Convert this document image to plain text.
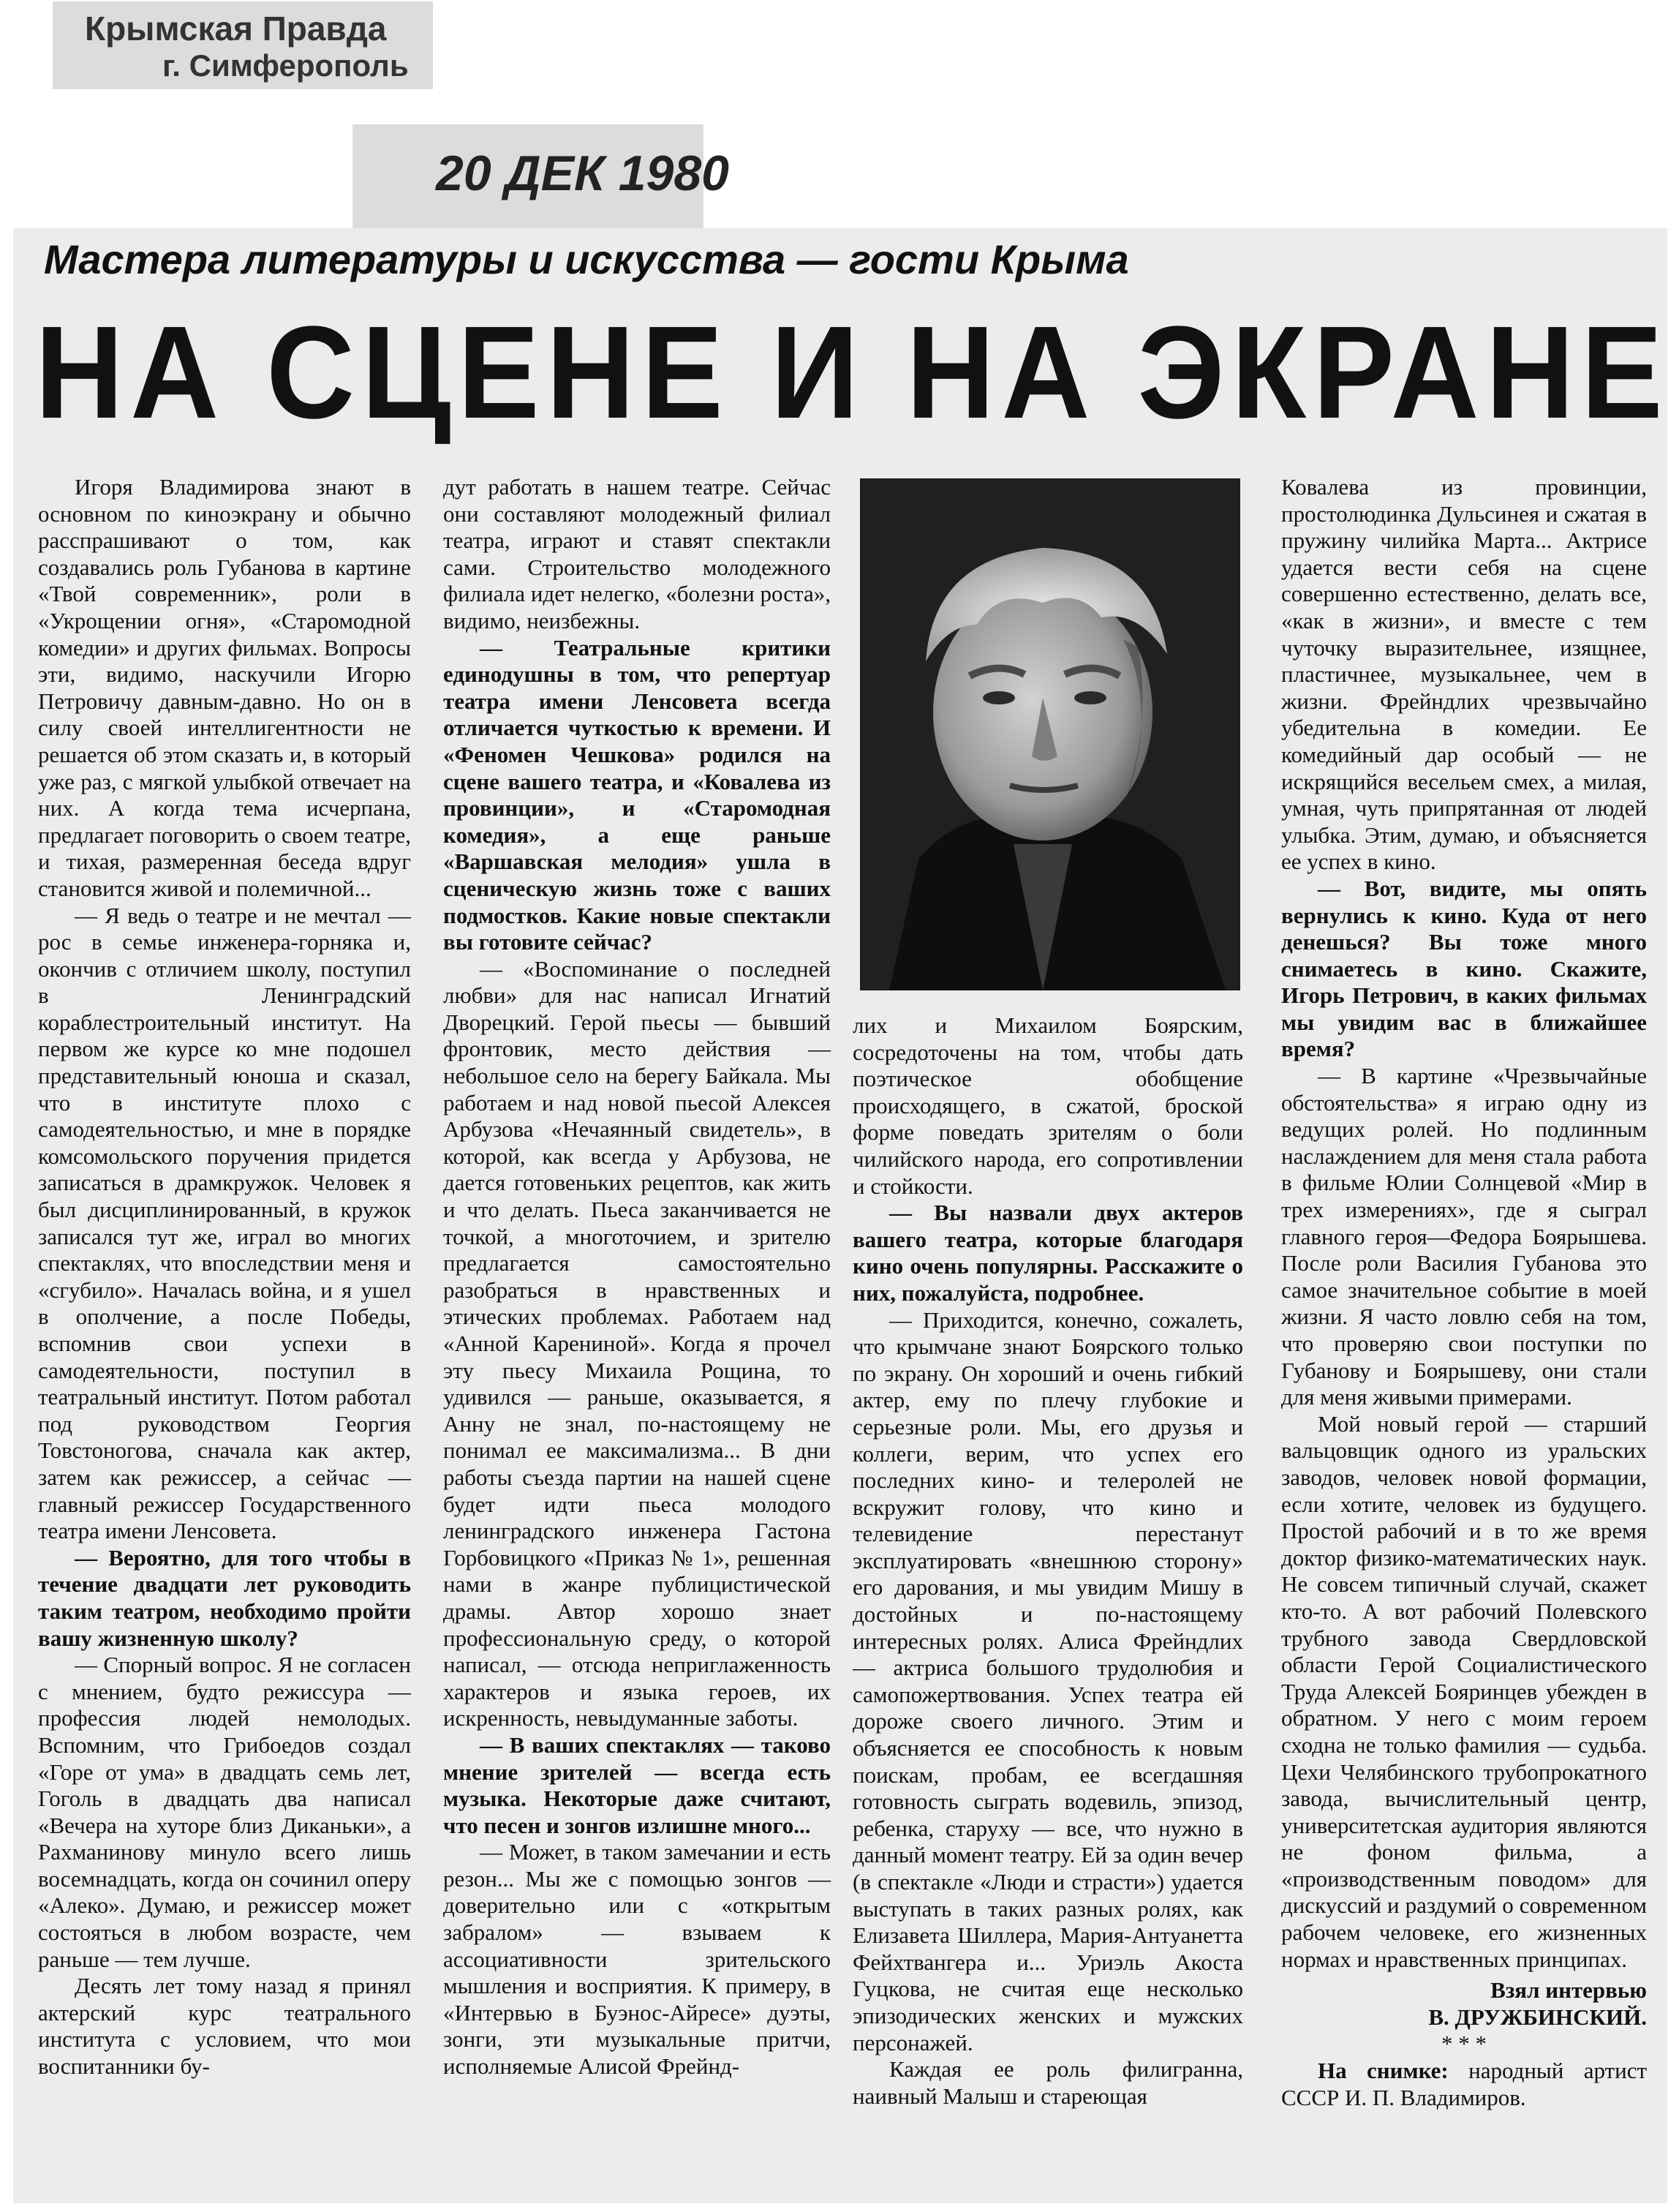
Крымская Правда
г. Симферополь
20 ДЕК 1980
Мастера литературы и искусства — гости Крыма
НА СЦЕНЕ И НА ЭКРАНЕ

Игоря Владимирова знают в основном по киноэкрану и обычно расспрашивают о том, как создавались роль Губанова в картине «Твой современник», роли в «Укрощении огня», «Старомодной комедии» и других фильмах. Вопросы эти, видимо, наскучили Игорю Петровичу давным-давно. Но он в силу своей интеллигентности не решается об этом сказать и, в который уже раз, с мягкой улыбкой отвечает на них. А когда тема исчерпана, предлагает поговорить о своем театре, и тихая, размеренная беседа вдруг становится живой и полемичной...

— Я ведь о театре и не мечтал — рос в семье инженера-горняка и, окончив с отличием школу, поступил в Ленинградский кораблестроительный институт. На первом же курсе ко мне подошел представительный юноша и сказал, что в институте плохо с самодеятельностью, и мне в порядке комсомольского поручения придется записаться в драмкружок. Человек я был дисциплинированный, в кружок записался тут же, играл во многих спектаклях, что впоследствии меня и «сгубило». Началась война, и я ушел в ополчение, а после Победы, вспомнив свои успехи в самодеятельности, поступил в театральный институт. Потом работал под руководством Георгия Товстоногова, сначала как актер, затем как режиссер, а сейчас — главный режиссер Государственного театра имени Ленсовета.

— Вероятно, для того чтобы в течение двадцати лет руководить таким театром, необходимо пройти вашу жизненную школу?

— Спорный вопрос. Я не согласен с мнением, будто режиссура — профессия людей немолодых. Вспомним, что Грибоедов создал «Горе от ума» в двадцать семь лет, Гоголь в двадцать два написал «Вечера на хуторе близ Диканьки», а Рахманинову минуло всего лишь восемнадцать, когда он сочинил оперу «Алеко». Думаю, и режиссер может состояться в любом возрасте, чем раньше — тем лучше.

Десять лет тому назад я принял актерский курс театрального института с условием, что мои воспитанники бу-

дут работать в нашем театре. Сейчас они составляют молодежный филиал театра, играют и ставят спектакли сами. Строительство молодежного филиала идет нелегко, «болезни роста», видимо, неизбежны.

— Театральные критики единодушны в том, что репертуар театра имени Ленсовета всегда отличается чуткостью к времени. И «Феномен Чешкова» родился на сцене вашего театра, и «Ковалева из провинции», и «Старомодная комедия», а еще раньше «Варшавская мелодия» ушла в сценическую жизнь тоже с ваших подмостков. Какие новые спектакли вы готовите сейчас?

— «Воспоминание о последней любви» для нас написал Игнатий Дворецкий. Герой пьесы — бывший фронтовик, место действия — небольшое село на берегу Байкала. Мы работаем и над новой пьесой Алексея Арбузова «Нечаянный свидетель», в которой, как всегда у Арбузова, не дается готовеньких рецептов, как жить и что делать. Пьеса заканчивается не точкой, а многоточием, и зрителю предлагается самостоятельно разобраться в нравственных и этических проблемах. Работаем над «Анной Карениной». Когда я прочел эту пьесу Михаила Рощина, то удивился — раньше, оказывается, я Анну не знал, по-настоящему не понимал ее максимализма... В дни работы съезда партии на нашей сцене будет идти пьеса молодого ленинградского инженера Гастона Горбовицкого «Приказ № 1», решенная нами в жанре публицистической драмы. Автор хорошо знает профессиональную среду, о которой написал, — отсюда неприглаженность характеров и языка героев, их искренность, невыдуманные заботы.

— В ваших спектаклях — таково мнение зрителей — всегда есть музыка. Некоторые даже считают, что песен и зонгов излишне много...

— Может, в таком замечании и есть резон... Мы же с помощью зонгов — доверительно или с «открытым забралом» — взываем к ассоциативности зрительского мышления и восприятия. К примеру, в «Интервью в Буэнос-Айресе» дуэты, зонги, эти музыкальные притчи, исполняемые Алисой Фрейнд-

лих и Михаилом Боярским, сосредоточены на том, чтобы дать поэтическое обобщение происходящего, в сжатой, броской форме поведать зрителям о боли чилийского народа, его сопротивлении и стойкости.

— Вы назвали двух актеров вашего театра, которые благодаря кино очень популярны. Расскажите о них, пожалуйста, подробнее.

— Приходится, конечно, сожалеть, что крымчане знают Боярского только по экрану. Он хороший и очень гибкий актер, ему по плечу глубокие и серьезные роли. Мы, его друзья и коллеги, верим, что успех его последних кино- и телеролей не вскружит голову, что кино и телевидение перестанут эксплуатировать «внешнюю сторону» его дарования, и мы увидим Мишу в достойных и по-настоящему интересных ролях. Алиса Фрейндлих — актриса большого трудолюбия и самопожертвования. Успех театра ей дороже своего личного. Этим и объясняется ее способность к новым поискам, пробам, ее всегдашняя готовность сыграть водевиль, эпизод, ребенка, старуху — все, что нужно в данный момент театру. Ей за один вечер (в спектакле «Люди и страсти») удается выступать в таких разных ролях, как Елизавета Шиллера, Мария-Антуанетта Фейхтвангера и... Уриэль Акоста Гуцкова, не считая еще несколько эпизодических женских и мужских персонажей.

Каждая ее роль филигранна, наивный Малыш и стареющая

Ковалева из провинции, простолюдинка Дульсинея и сжатая в пружину чилийка Марта... Актрисе удается вести себя на сцене совершенно естественно, делать все, «как в жизни», и вместе с тем чуточку выразительнее, изящнее, пластичнее, музыкальнее, чем в жизни. Фрейндлих чрезвычайно убедительна в комедии. Ее комедийный дар особый — не искрящийся весельем смех, а милая, умная, чуть припрятанная от людей улыбка. Этим, думаю, и объясняется ее успех в кино.

— Вот, видите, мы опять вернулись к кино. Куда от него денешься? Вы тоже много снимаетесь в кино. Скажите, Игорь Петрович, в каких фильмах мы увидим вас в ближайшее время?

— В картине «Чрезвычайные обстоятельства» я играю одну из ведущих ролей. Но подлинным наслаждением для меня стала работа в фильме Юлии Солнцевой «Мир в трех измерениях», где я сыграл главного героя—Федора Боярышева. После роли Василия Губанова это самое значительное событие в моей жизни. Я часто ловлю себя на том, что проверяю свои поступки по Губанову и Боярышеву, они стали для меня живыми примерами.

Мой новый герой — старший вальцовщик одного из уральских заводов, человек новой формации, если хотите, человек из будущего. Простой рабочий и в то же время доктор физико-математических наук. Не совсем типичный случай, скажет кто-то. А вот рабочий Полевского трубного завода Свердловской области Герой Социалистического Труда Алексей Бояринцев убежден в обратном. У него с моим героем сходна не только фамилия — судьба. Цехи Челябинского трубопрокатного завода, вычислительный центр, университетская аудитория являются не фоном фильма, а «производственным поводом» для дискуссий и раздумий о современном рабочем человеке, его жизненных нормах и нравственных принципах.

Взял интервью

В. ДРУЖБИНСКИЙ.

* * *

На снимке: народный артист СССР И. П. Владимиров.
